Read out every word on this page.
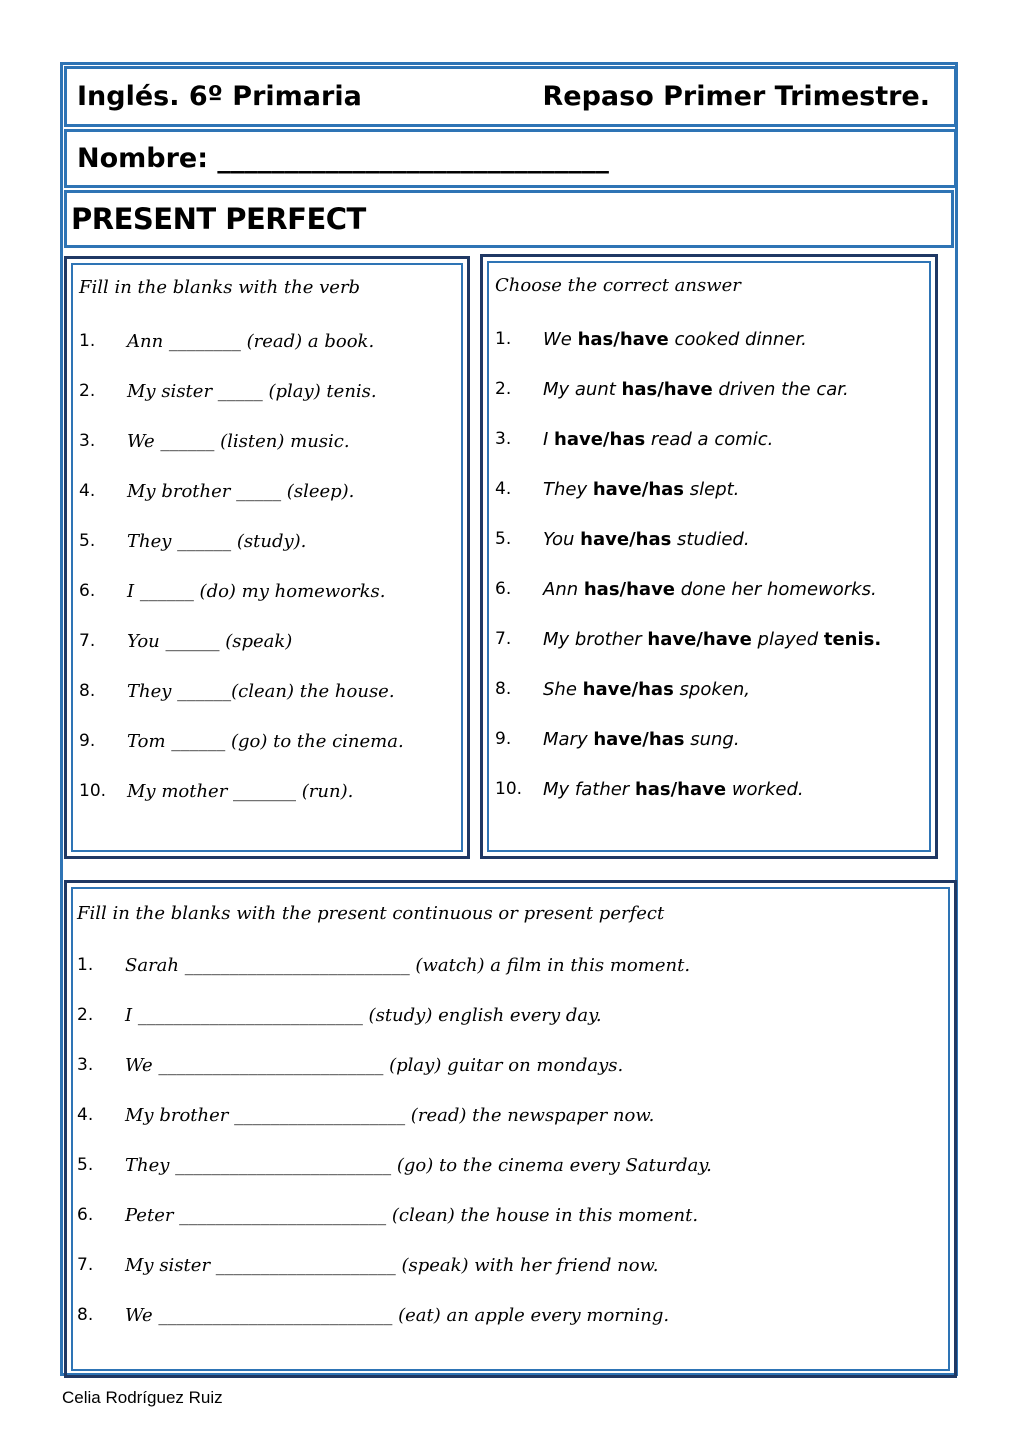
Inglés. 6º Primaria	Repaso Primer Trimestre.
Nombre: _____________________________
PRESENT PERFECT
Fill in the blanks with the verb
1. Ann ________ (read) a book.
2. My sister _____ (play) tenis.
3. We ______ (listen) music.
4. My brother _____ (sleep).
5. They ______ (study).
6. I ______ (do) my homeworks.
7. You ______ (speak)
8. They ______(clean) the house.
9. Tom ______ (go) to the cinema.
10. My mother _______ (run).
Choose the correct answer
1. We has/have cooked dinner.
2. My aunt has/have driven the car.
3. I have/has read a comic.
4. They have/has slept.
5. You have/has studied.
6. Ann has/have done her homeworks.
7. My brother have/have played tenis.
8. She have/has spoken,
9. Mary have/has sung.
10. My father has/have worked.
Fill in the blanks with the present continuous or present perfect
1. Sarah _________________________ (watch) a film in this moment.
2. I _________________________ (study) english every day.
3. We _________________________ (play) guitar on mondays.
4. My brother ___________________ (read) the newspaper now.
5. They ________________________ (go) to the cinema every Saturday.
6. Peter _______________________ (clean) the house in this moment.
7. My sister ____________________ (speak) with her friend now.
8. We __________________________ (eat) an apple every morning.
Celia Rodríguez Ruiz
